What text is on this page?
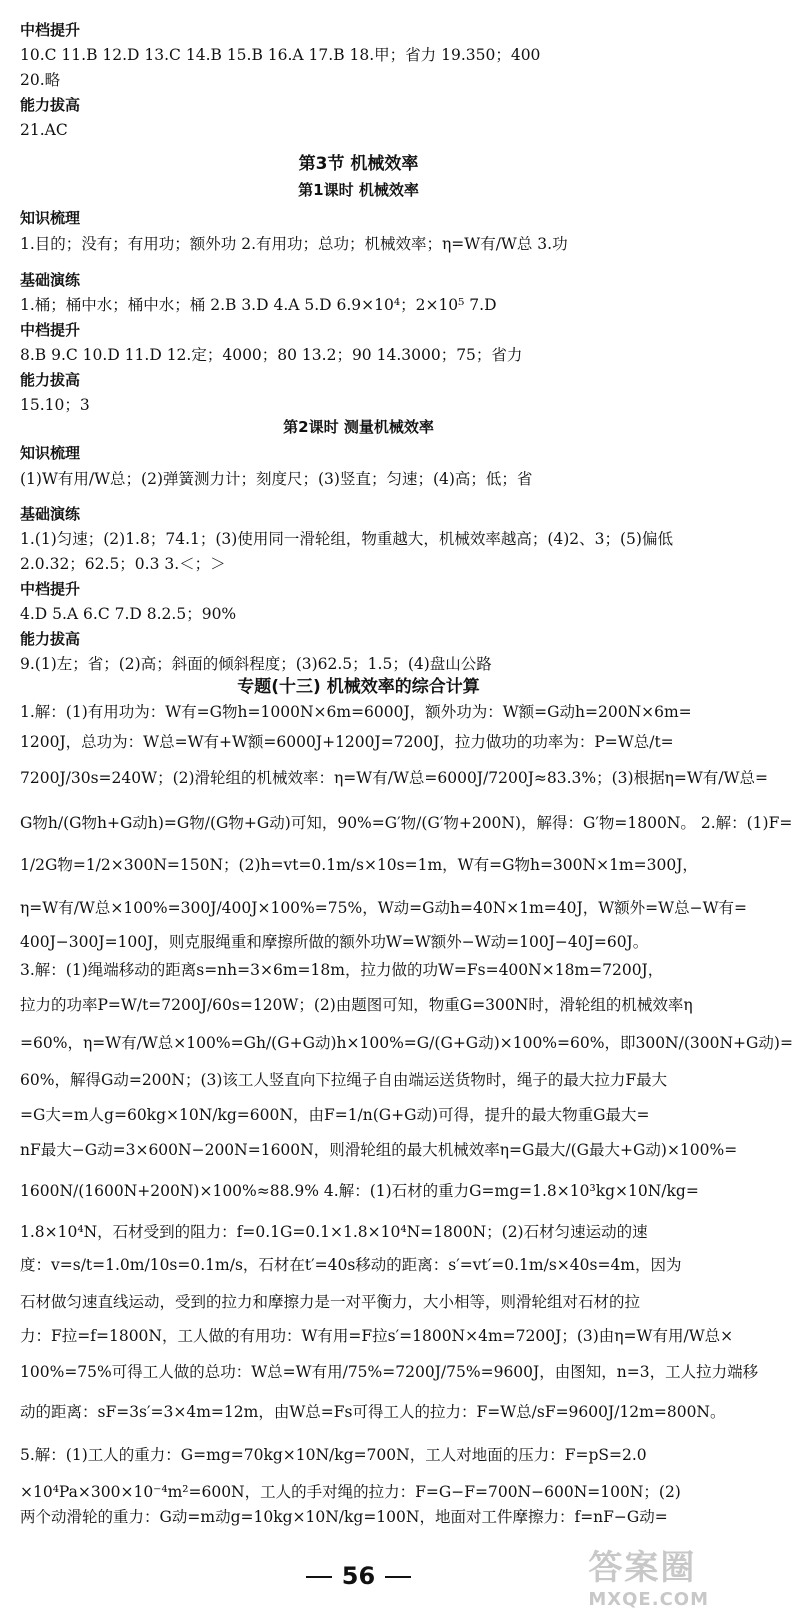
中档提升
10.C 11.B 12.D 13.C 14.B 15.B 16.A 17.B 18.甲；省力 19.350；400
20.略
能力拔高
21.AC
第3节 机械效率
第1课时 机械效率
知识梳理
1.目的；没有；有用功；额外功 2.有用功；总功；机械效率；η=W有/W总 3.功
基础演练
1.桶；桶中水；桶中水；桶 2.B 3.D 4.A 5.D 6.9×10⁴；2×10⁵ 7.D
中档提升
8.B 9.C 10.D 11.D 12.定；4000；80 13.2；90 14.3000；75；省力
能力拔高
15.10；3
第2课时 测量机械效率
知识梳理
(1)W有用/W总；(2)弹簧测力计；刻度尺；(3)竖直；匀速；(4)高；低；省
基础演练
1.(1)匀速；(2)1.8；74.1；(3)使用同一滑轮组，物重越大，机械效率越高；(4)2、3；(5)偏低
2.0.32；62.5；0.3 3.＜；＞
中档提升
4.D 5.A 6.C 7.D 8.2.5；90%
能力拔高
9.(1)左；省；(2)高；斜面的倾斜程度；(3)62.5；1.5；(4)盘山公路
专题(十三) 机械效率的综合计算
1.解：(1)有用功为：W有=G物h=1000N×6m=6000J，额外功为：W额=G动h=200N×6m=
1200J，总功为：W总=W有+W额=6000J+1200J=7200J，拉力做功的功率为：P=W总/t=
7200J/30s=240W；(2)滑轮组的机械效率：η=W有/W总=6000J/7200J≈83.3%；(3)根据η=W有/W总=
G物h/(G物h+G动h)=G物/(G物+G动)可知，90%=G′物/(G′物+200N)，解得：G′物=1800N。 2.解：(1)F=
1/2G物=1/2×300N=150N；(2)h=vt=0.1m/s×10s=1m，W有=G物h=300N×1m=300J，
η=W有/W总×100%=300J/400J×100%=75%，W动=G动h=40N×1m=40J，W额外=W总−W有=
400J−300J=100J，则克服绳重和摩擦所做的额外功W=W额外−W动=100J−40J=60J。
3.解：(1)绳端移动的距离s=nh=3×6m=18m，拉力做的功W=Fs=400N×18m=7200J，
拉力的功率P=W/t=7200J/60s=120W；(2)由题图可知，物重G=300N时，滑轮组的机械效率η
=60%，η=W有/W总×100%=Gh/(G+G动)h×100%=G/(G+G动)×100%=60%，即300N/(300N+G动)=
60%，解得G动=200N；(3)该工人竖直向下拉绳子自由端运送货物时，绳子的最大拉力F最大
=G大=m人g=60kg×10N/kg=600N，由F=1/n(G+G动)可得，提升的最大物重G最大=
nF最大−G动=3×600N−200N=1600N，则滑轮组的最大机械效率η=G最大/(G最大+G动)×100%=
1600N/(1600N+200N)×100%≈88.9% 4.解：(1)石材的重力G=mg=1.8×10³kg×10N/kg=
1.8×10⁴N，石材受到的阻力：f=0.1G=0.1×1.8×10⁴N=1800N；(2)石材匀速运动的速
度：v=s/t=1.0m/10s=0.1m/s，石材在t′=40s移动的距离：s′=vt′=0.1m/s×40s=4m，因为
石材做匀速直线运动，受到的拉力和摩擦力是一对平衡力，大小相等，则滑轮组对石材的拉
力：F拉=f=1800N，工人做的有用功：W有用=F拉s′=1800N×4m=7200J；(3)由η=W有用/W总×
100%=75%可得工人做的总功：W总=W有用/75%=7200J/75%=9600J，由图知，n=3，工人拉力端移
动的距离：sF=3s′=3×4m=12m，由W总=Fs可得工人的拉力：F=W总/sF=9600J/12m=800N。
5.解：(1)工人的重力：G=mg=70kg×10N/kg=700N，工人对地面的压力：F=pS=2.0
×10⁴Pa×300×10⁻⁴m²=600N，工人的手对绳的拉力：F=G−F=700N−600N=100N；(2)
两个动滑轮的重力：G动=m动g=10kg×10N/kg=100N，地面对工件摩擦力：f=nF−G动=
56	答案圈
MXQE.COM
